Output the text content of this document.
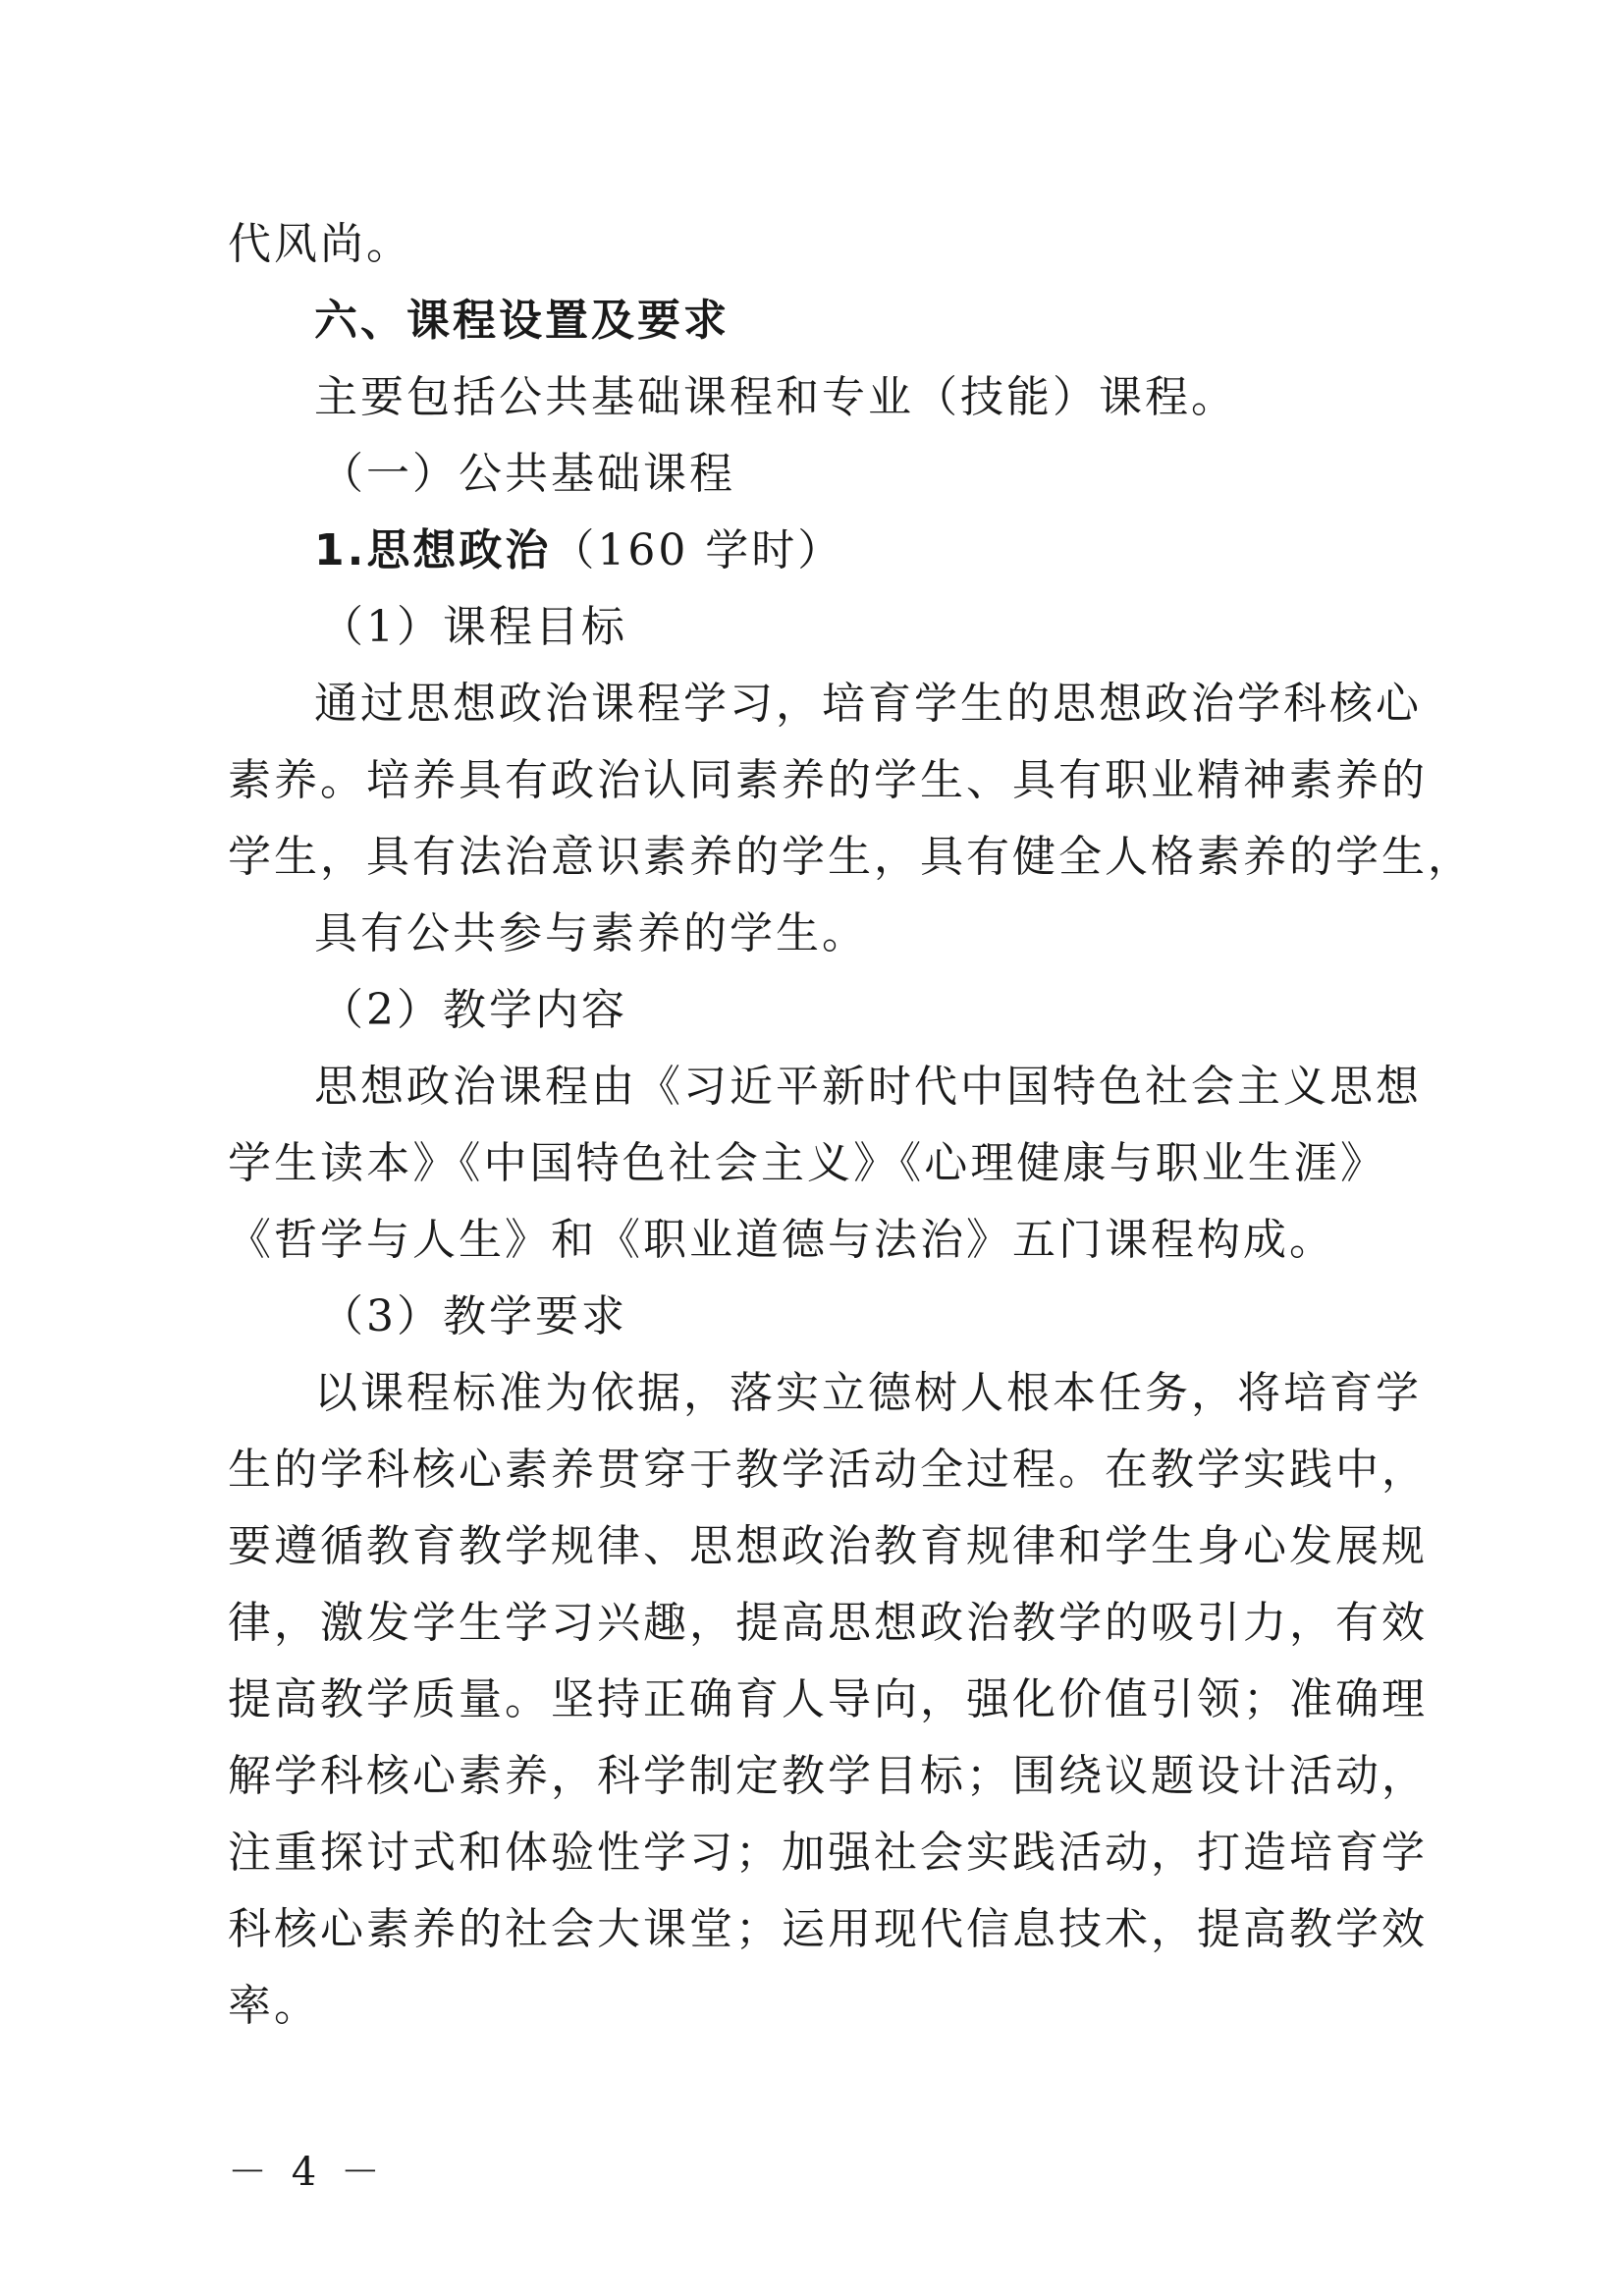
代风尚。
六、课程设置及要求
主要包括公共基础课程和专业（技能）课程。
（一）公共基础课程
1.思想政治（160 学时）
（1）课程目标
通过思想政治课程学习，培育学生的思想政治学科核心
素养。培养具有政治认同素养的学生、具有职业精神素养的
学生，具有法治意识素养的学生，具有健全人格素养的学生，
具有公共参与素养的学生。
（2）教学内容
思想政治课程由《习近平新时代中国特色社会主义思想
学生读本》《中国特色社会主义》《心理健康与职业生涯》
《哲学与人生》和《职业道德与法治》五门课程构成。
（3）教学要求
以课程标准为依据，落实立德树人根本任务，将培育学
生的学科核心素养贯穿于教学活动全过程。在教学实践中，
要遵循教育教学规律、思想政治教育规律和学生身心发展规
律，激发学生学习兴趣，提高思想政治教学的吸引力，有效
提高教学质量。坚持正确育人导向，强化价值引领；准确理
解学科核心素养，科学制定教学目标；围绕议题设计活动，
注重探讨式和体验性学习；加强社会实践活动，打造培育学
科核心素养的社会大课堂；运用现代信息技术，提高教学效
率。
－ 4 －
